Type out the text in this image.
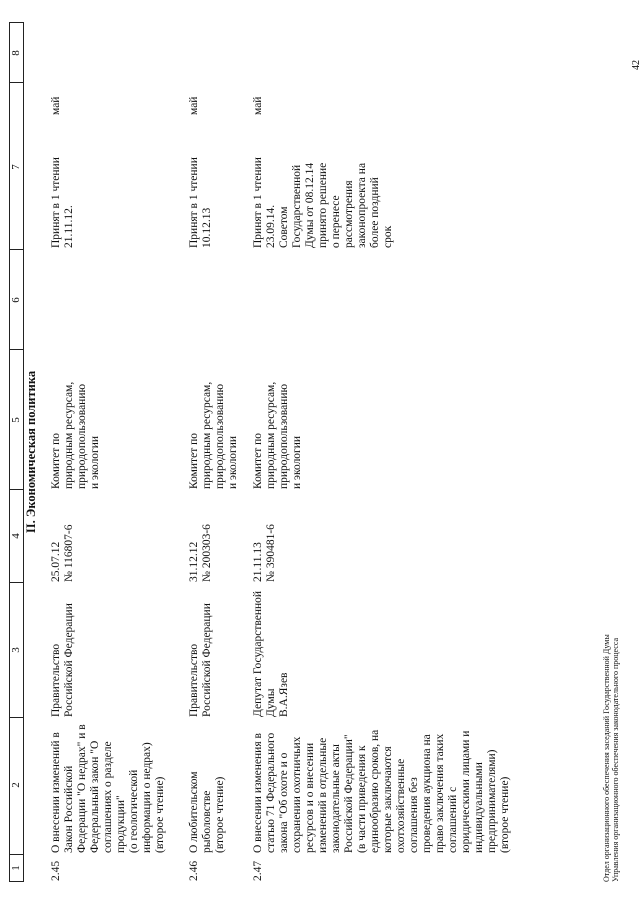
1
2
3
4
5
6
7
8
II. Экономическая политика
2.45
О внесении изменений в Закон Российской Федерации "О недрах" и в Федеральный закон "О соглашениях о разделе продукции"
(о геологической информации о недрах)
(второе чтение)
Правительство
Российской Федерации
25.07.12
№ 116807-6
Комитет по
природным ресурсам,
природопользованию
и экологии
Принят в 1 чтении
21.11.12.
май
2.46
О любительском рыболовстве
(второе чтение)
Правительство
Российской Федерации
31.12.12
№ 200303-6
Комитет по
природным ресурсам,
природопользованию
и экологии
Принят в 1 чтении
10.12.13
май
2.47
О внесении изменения в статью 71 Федерального закона "Об охоте и о сохранении охотничьих ресурсов и о внесении изменений в отдельные законодательные акты Российской Федерации"
(в части приведения к единообразию сроков, на которые заключаются охотхозяйственные соглашения без проведения аукциона на право заключения таких соглашений с юридическими лицами и индивидуальными предпринимателями)
(второе чтение)
Депутат Государственной
Думы
В.А.Язев
21.11.13
№ 390481-6
Комитет по
природным ресурсам,
природопользованию
и экологии
Принят в 1 чтении
23.09.14.
Советом
Государственной
Думы от 08.12.14
принято решение
о перенесе
рассмотрения
законопроекта на
более поздний
срок
май
Отдел организационного обеспечения заседаний Государственной Думы Управления организационного обеспечения законодательного процесса
42
